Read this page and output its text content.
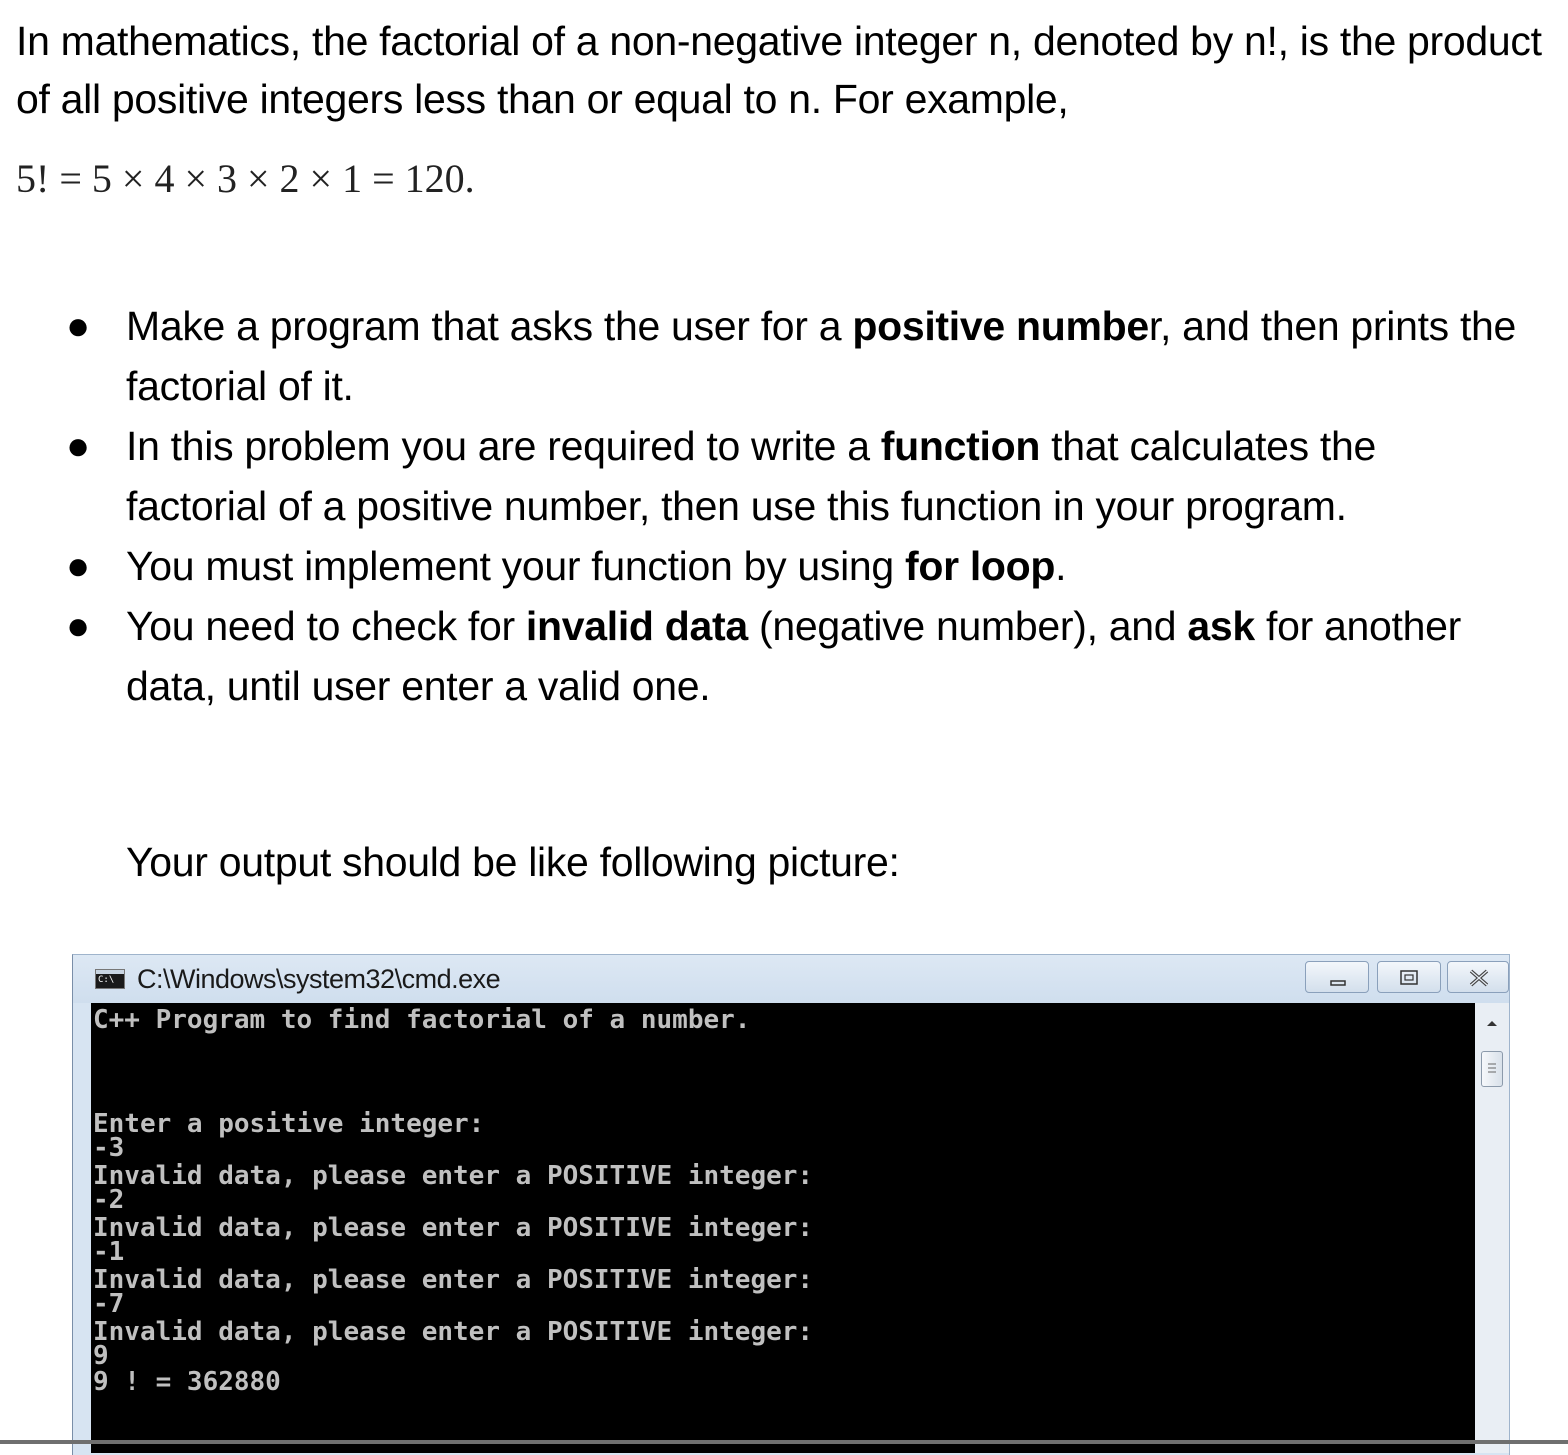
In mathematics, the factorial of a non-negative integer n, denoted by n!, is the product of all positive integers less than or equal to n. For example,
5! = 5 × 4 × 3 × 2 × 1 = 120.
● Make a program that asks the user for a positive number, and then prints the factorial of it.
● In this problem you are required to write a function that calculates the factorial of a positive number, then use this function in your program.
● You must implement your function by using for loop.
● You need to check for invalid data (negative number), and ask for another data, until user enter a valid one.
Your output should be like following picture:
C:\ C:\Windows\system32\cmd.exe
C++ Program to find factorial of a number.
Enter a positive integer:
-3
Invalid data, please enter a POSITIVE integer:
-2
Invalid data, please enter a POSITIVE integer:
-1
Invalid data, please enter a POSITIVE integer:
-7
Invalid data, please enter a POSITIVE integer:
9
9 ! = 362880
